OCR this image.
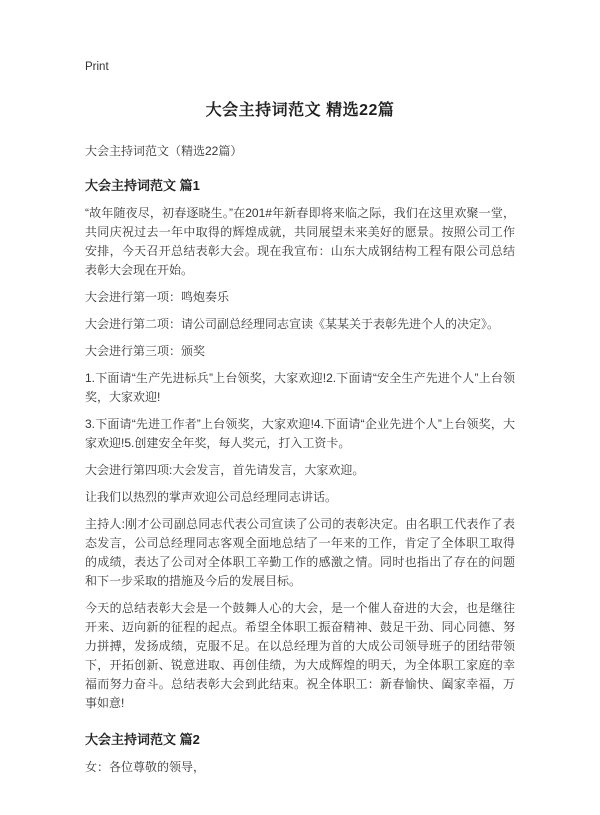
Print
大会主持词范文 精选22篇

大会主持词范文（精选22篇）

大会主持词范文 篇1

“故年随夜尽，初春逐晓生。”在201#年新春即将来临之际，我们在这里欢聚一堂，共同庆祝过去一年中取得的辉煌成就，共同展望未来美好的愿景。按照公司工作安排，今天召开总结表彰大会。现在我宣布：山东大成钢结构工程有限公司总结表彰大会现在开始。

大会进行第一项：鸣炮奏乐

大会进行第二项：请公司副总经理同志宣读《某某关于表彰先进个人的决定》。

大会进行第三项：颁奖

1.下面请“生产先进标兵”上台领奖，大家欢迎!2.下面请“安全生产先进个人”上台领奖，大家欢迎!

3.下面请“先进工作者”上台领奖，大家欢迎!4.下面请“企业先进个人”上台领奖，大家欢迎!5.创建安全年奖，每人奖元，打入工资卡。

大会进行第四项:大会发言，首先请发言，大家欢迎。

让我们以热烈的掌声欢迎公司总经理同志讲话。

主持人:刚才公司副总同志代表公司宣读了公司的表彰决定。由名职工代表作了表态发言，公司总经理同志客观全面地总结了一年来的工作，肯定了全体职工取得的成绩，表达了公司对全体职工辛勤工作的感激之情。同时也指出了存在的问题和下一步采取的措施及今后的发展目标。

今天的总结表彰大会是一个鼓舞人心的大会，是一个催人奋进的大会，也是继往开来、迈向新的征程的起点。希望全体职工振奋精神、鼓足干劲、同心同德、努力拼搏，发扬成绩，克服不足。在以总经理为首的大成公司领导班子的团结带领下，开拓创新、锐意进取、再创佳绩，为大成辉煌的明天，为全体职工家庭的幸福而努力奋斗。总结表彰大会到此结束。祝全体职工：新春愉快、阖家幸福，万事如意!

大会主持词范文 篇2

女：各位尊敬的领导，
